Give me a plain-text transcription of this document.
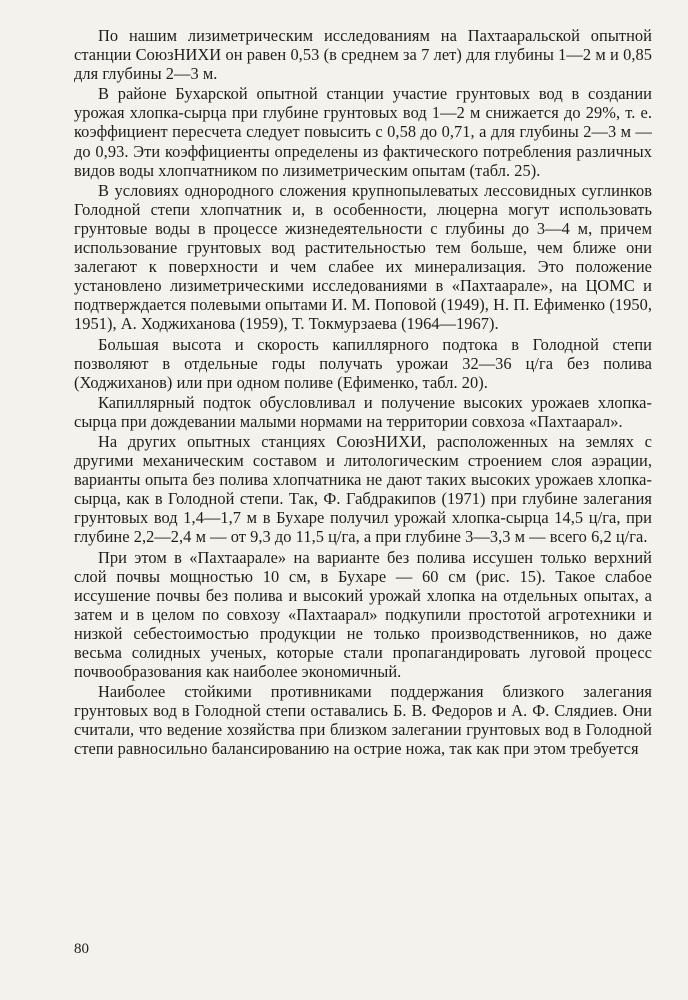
По нашим лизиметрическим исследованиям на Пахтааральской опытной станции СоюзНИХИ он равен 0,53 (в среднем за 7 лет) для глубины 1—2 м и 0,85 для глубины 2—3 м.

В районе Бухарской опытной станции участие грунтовых вод в создании урожая хлопка-сырца при глубине грунтовых вод 1—2 м снижается до 29%, т. е. коэффициент пересчета следует повысить с 0,58 до 0,71, а для глубины 2—3 м — до 0,93. Эти коэффициенты определены из фактического потребления различных видов воды хлопчатником по лизиметрическим опытам (табл. 25).

В условиях однородного сложения крупнопылеватых лессовидных суглинков Голодной степи хлопчатник и, в особенности, люцерна могут использовать грунтовые воды в процессе жизнедеятельности с глубины до 3—4 м, причем использование грунтовых вод растительностью тем больше, чем ближе они залегают к поверхности и чем слабее их минерализация. Это положение установлено лизиметрическими исследованиями в «Пахтаарале», на ЦОМС и подтверждается полевыми опытами И. М. Поповой (1949), Н. П. Ефименко (1950, 1951), А. Ходжиханова (1959), Т. Токмурзаева (1964—1967).

Большая высота и скорость капиллярного подтока в Голодной степи позволяют в отдельные годы получать урожаи 32—36 ц/га без полива (Ходжиханов) или при одном поливе (Ефименко, табл. 20).

Капиллярный подток обусловливал и получение высоких урожаев хлопка-сырца при дождевании малыми нормами на территории совхоза «Пахтаарал».

На других опытных станциях СоюзНИХИ, расположенных на землях с другими механическим составом и литологическим строением слоя аэрации, варианты опыта без полива хлопчатника не дают таких высоких урожаев хлопка-сырца, как в Голодной степи. Так, Ф. Габдракипов (1971) при глубине залегания грунтовых вод 1,4—1,7 м в Бухаре получил урожай хлопка-сырца 14,5 ц/га, при глубине 2,2—2,4 м — от 9,3 до 11,5 ц/га, а при глубине 3—3,3 м — всего 6,2 ц/га.

При этом в «Пахтаарале» на варианте без полива иссушен только верхний слой почвы мощностью 10 см, в Бухаре — 60 см (рис. 15). Такое слабое иссушение почвы без полива и высокий урожай хлопка на отдельных опытах, а затем и в целом по совхозу «Пахтаарал» подкупили простотой агротехники и низкой себестоимостью продукции не только производственников, но даже весьма солидных ученых, которые стали пропагандировать луговой процесс почвообразования как наиболее экономичный.

Наиболее стойкими противниками поддержания близкого залегания грунтовых вод в Голодной степи оставались Б. В. Федоров и А. Ф. Слядиев. Они считали, что ведение хозяйства при близком залегании грунтовых вод в Голодной степи равносильно балансированию на острие ножа, так как при этом требуется

80
